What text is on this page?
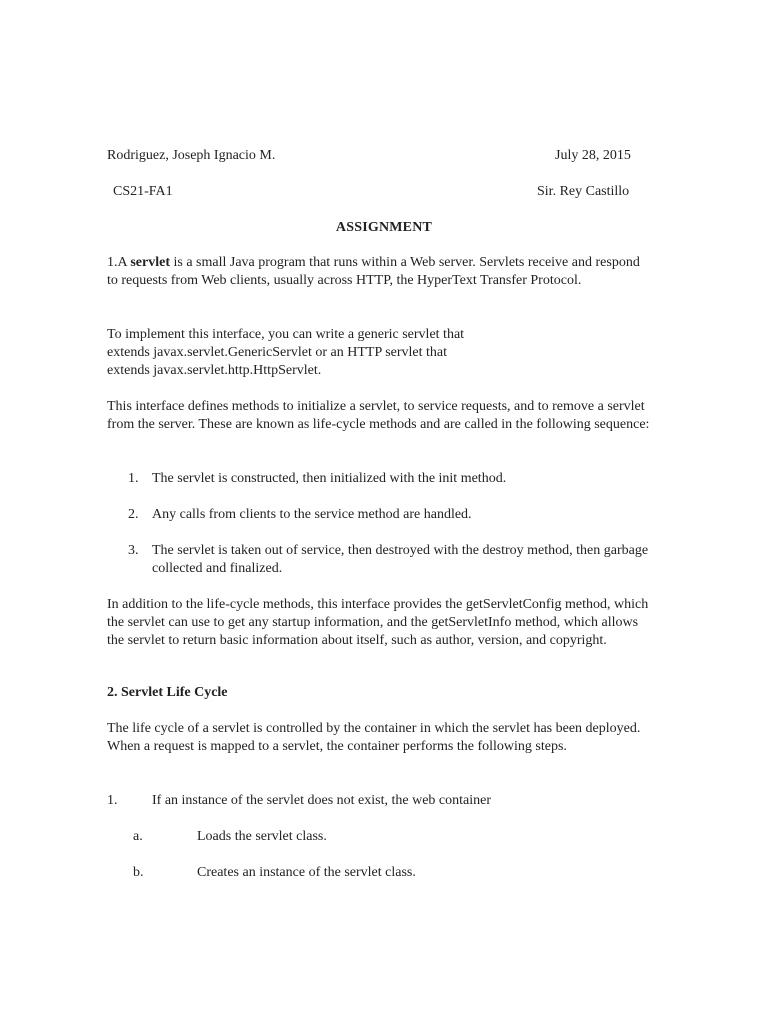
Rodriguez, Joseph Ignacio M.	July 28, 2015
CS21-FA1	Sir. Rey Castillo
ASSIGNMENT
1.A servlet is a small Java program that runs within a Web server. Servlets receive and respond to requests from Web clients, usually across HTTP, the HyperText Transfer Protocol.
To implement this interface, you can write a generic servlet that
extends javax.servlet.GenericServlet or an HTTP servlet that
extends javax.servlet.http.HttpServlet.
This interface defines methods to initialize a servlet, to service requests, and to remove a servlet from the server. These are known as life-cycle methods and are called in the following sequence:
1. The servlet is constructed, then initialized with the init method.
2. Any calls from clients to the service method are handled.
3. The servlet is taken out of service, then destroyed with the destroy method, then garbage collected and finalized.
In addition to the life-cycle methods, this interface provides the getServletConfig method, which the servlet can use to get any startup information, and the getServletInfo method, which allows the servlet to return basic information about itself, such as author, version, and copyright.
2. Servlet Life Cycle
The life cycle of a servlet is controlled by the container in which the servlet has been deployed. When a request is mapped to a servlet, the container performs the following steps.
1. If an instance of the servlet does not exist, the web container
a.	Loads the servlet class.
b.	Creates an instance of the servlet class.
